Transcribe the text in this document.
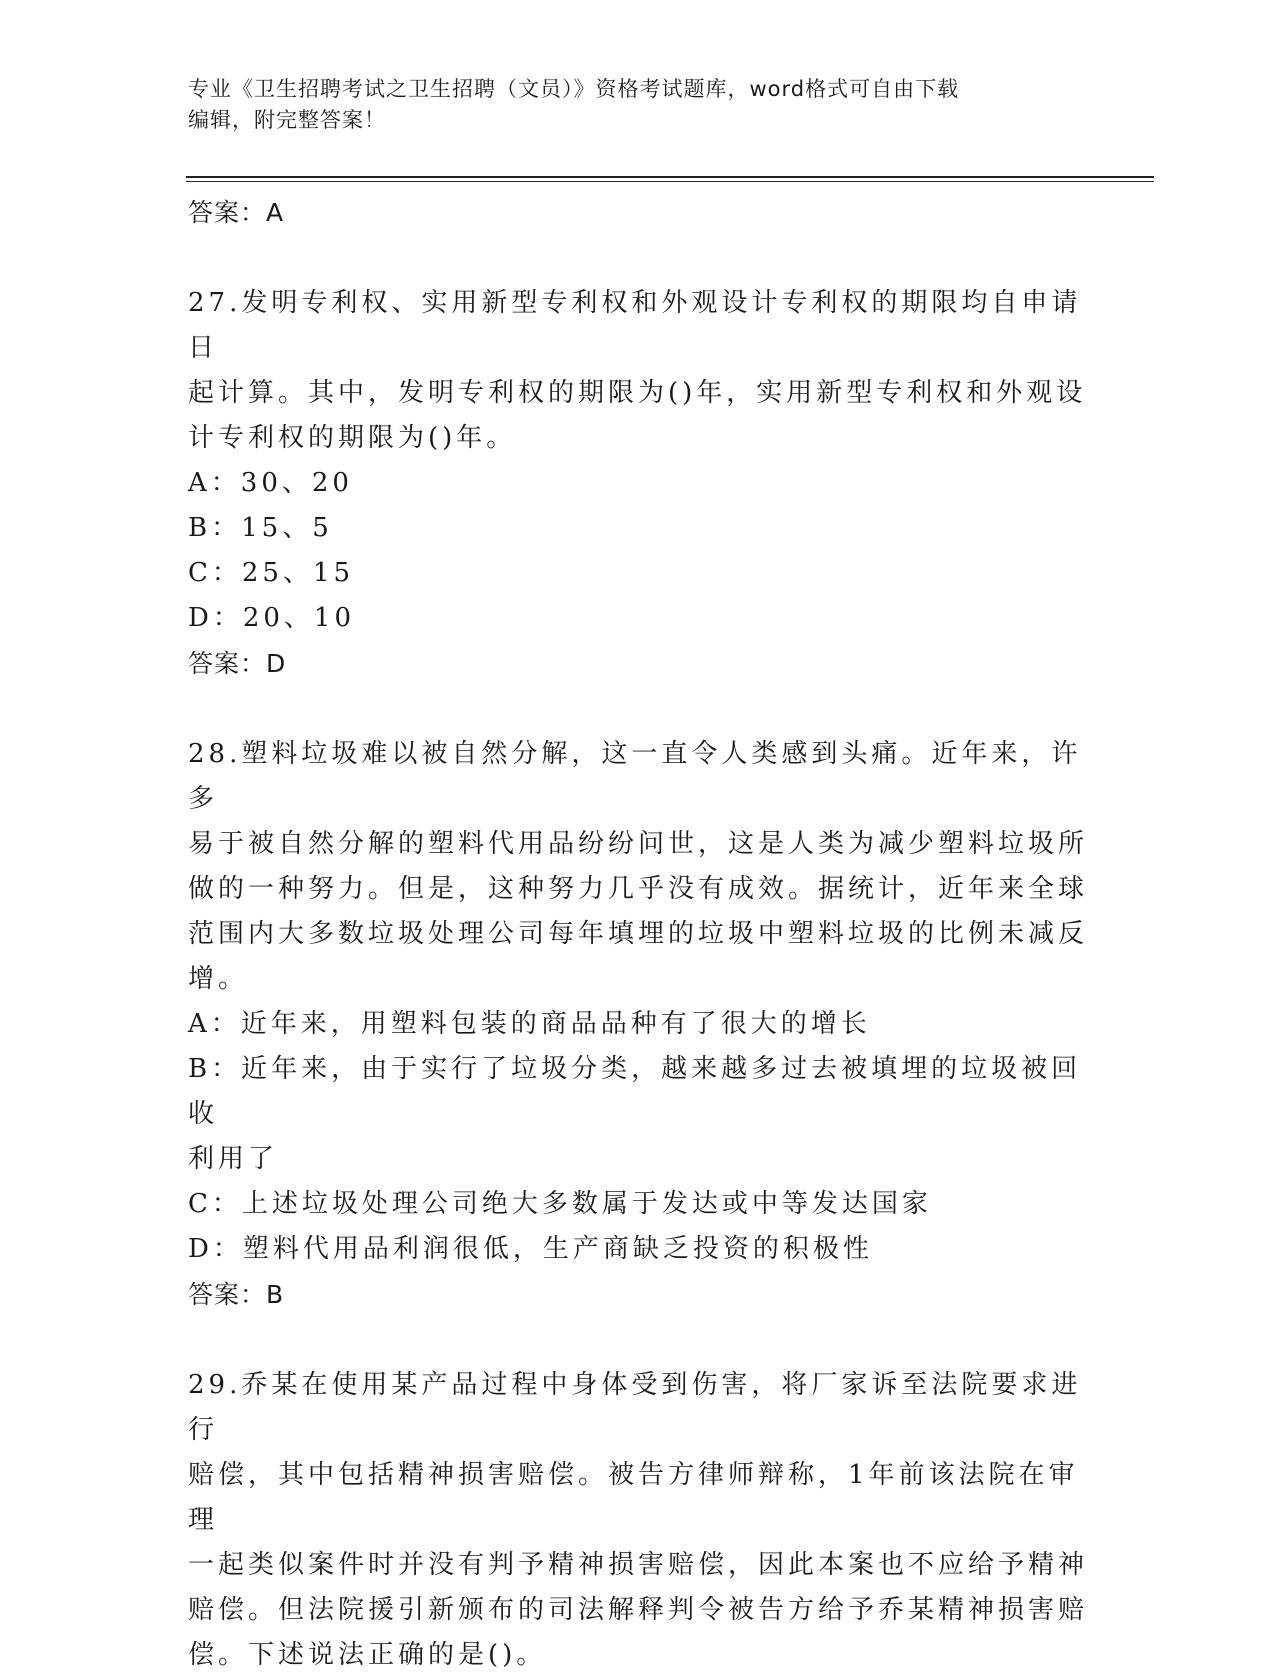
专业《卫生招聘考试之卫生招聘（文员）》资格考试题库，word格式可自由下载
编辑，附完整答案！
答案：A

27.发明专利权、实用新型专利权和外观设计专利权的期限均自申请日

起计算。其中，发明专利权的期限为()年，实用新型专利权和外观设

计专利权的期限为()年。

A：30、20

B：15、5

C：25、15

D：20、10

答案：D

28.塑料垃圾难以被自然分解，这一直令人类感到头痛。近年来，许多

易于被自然分解的塑料代用品纷纷问世，这是人类为减少塑料垃圾所

做的一种努力。但是，这种努力几乎没有成效。据统计，近年来全球

范围内大多数垃圾处理公司每年填埋的垃圾中塑料垃圾的比例未减反

增。

A：近年来，用塑料包装的商品品种有了很大的增长

B：近年来，由于实行了垃圾分类，越来越多过去被填埋的垃圾被回收

利用了

C：上述垃圾处理公司绝大多数属于发达或中等发达国家

D：塑料代用品利润很低，生产商缺乏投资的积极性

答案：B

29.乔某在使用某产品过程中身体受到伤害，将厂家诉至法院要求进行

赔偿，其中包括精神损害赔偿。被告方律师辩称，1年前该法院在审理

一起类似案件时并没有判予精神损害赔偿，因此本案也不应给予精神

赔偿。但法院援引新颁布的司法解释判令被告方给予乔某精神损害赔

偿。下述说法正确的是()。
